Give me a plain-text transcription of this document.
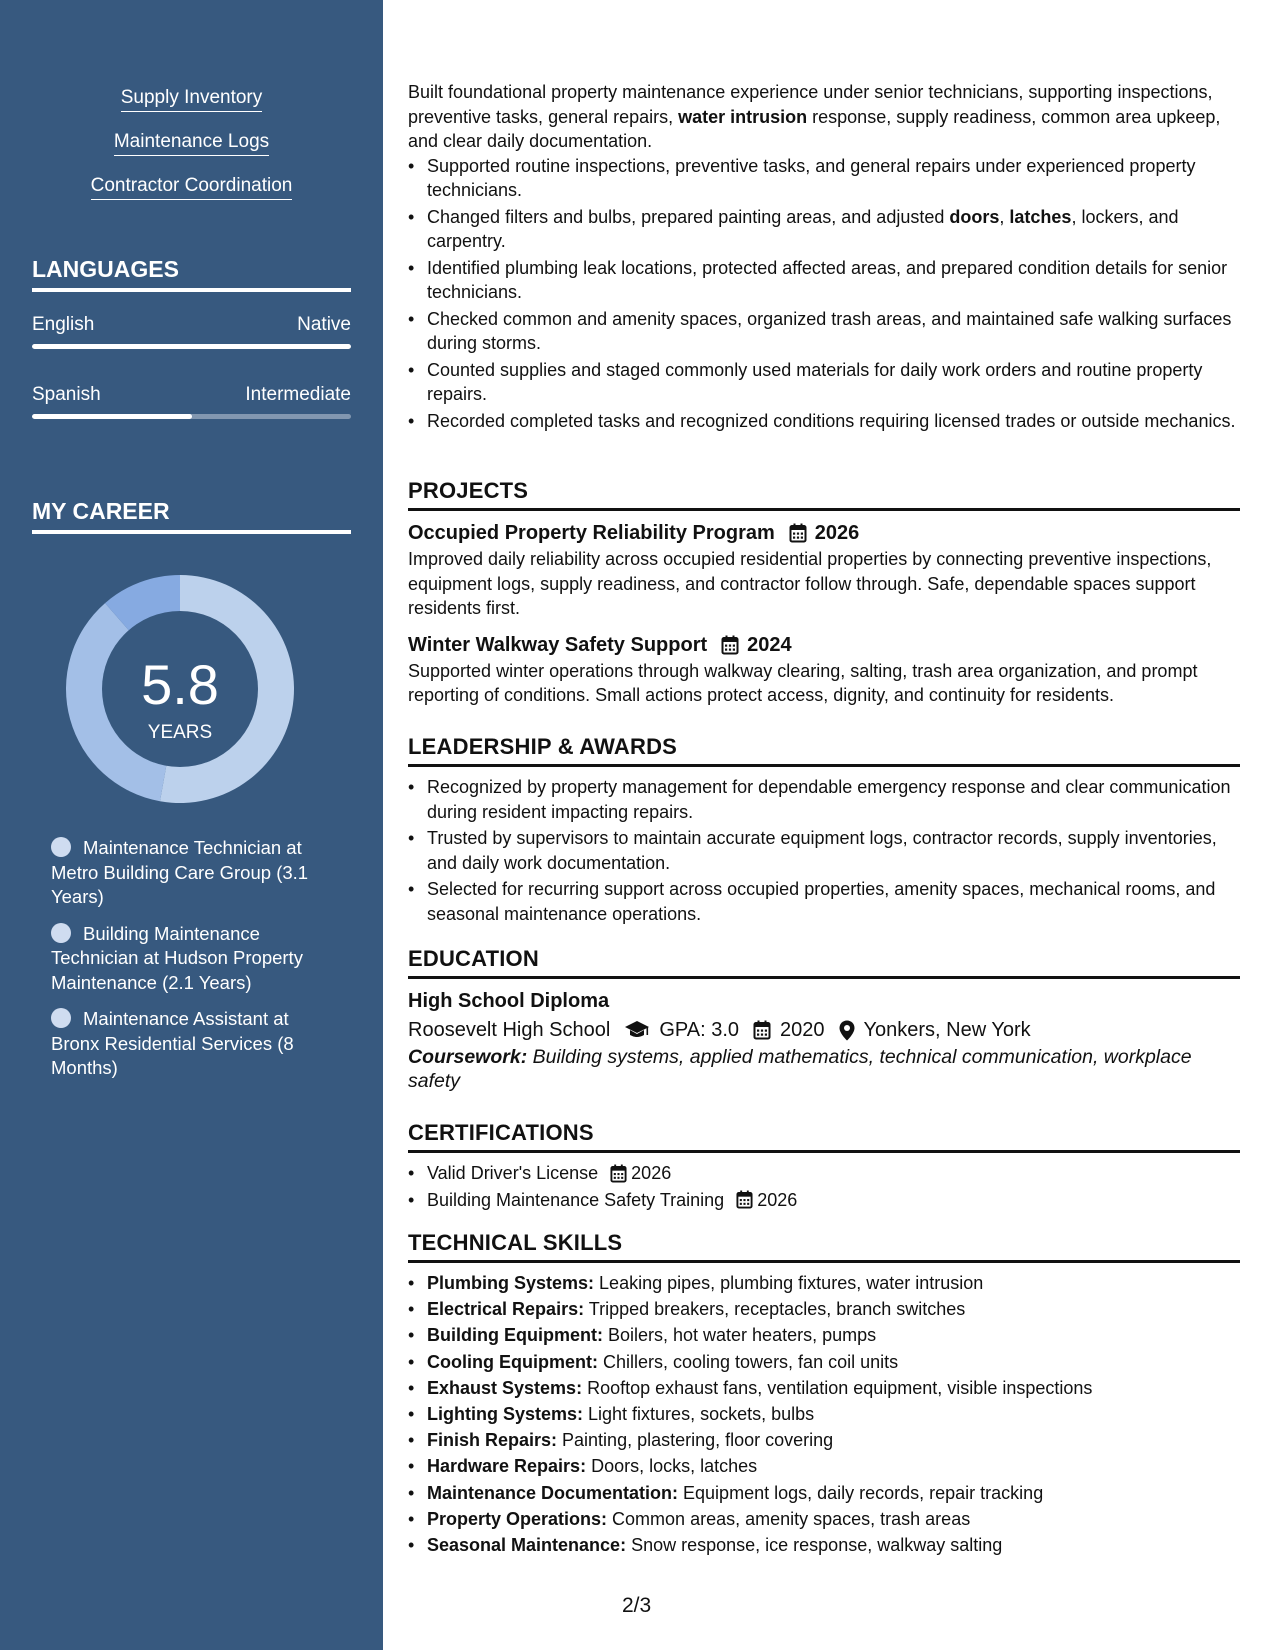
Supply Inventory
Maintenance Logs
Contractor Coordination
LANGUAGES
English	Native
Spanish	Intermediate
MY CAREER
5.8
YEARS
Maintenance Technician at Metro Building Care Group (3.1 Years)
Building Maintenance Technician at Hudson Property Maintenance (2.1 Years)
Maintenance Assistant at Bronx Residential Services (8 Months)

Built foundational property maintenance experience under senior technicians, supporting inspections, preventive tasks, general repairs, water intrusion response, supply readiness, common area upkeep, and clear daily documentation.

• Supported routine inspections, preventive tasks, and general repairs under experienced property technicians.
• Changed filters and bulbs, prepared painting areas, and adjusted doors, latches, lockers, and carpentry.
• Identified plumbing leak locations, protected affected areas, and prepared condition details for senior technicians.
• Checked common and amenity spaces, organized trash areas, and maintained safe walking surfaces during storms.
• Counted supplies and staged commonly used materials for daily work orders and routine property repairs.
• Recorded completed tasks and recognized conditions requiring licensed trades or outside mechanics.
PROJECTS
Occupied Property Reliability Program 2026

Improved daily reliability across occupied residential properties by connecting preventive inspections, equipment logs, supply readiness, and contractor follow through. Safe, dependable spaces support residents first.

Winter Walkway Safety Support 2024

Supported winter operations through walkway clearing, salting, trash area organization, and prompt reporting of conditions. Small actions protect access, dignity, and continuity for residents.

LEADERSHIP & AWARDS
• Recognized by property management for dependable emergency response and clear communication during resident impacting repairs.
• Trusted by supervisors to maintain accurate equipment logs, contractor records, supply inventories, and daily work documentation.
• Selected for recurring support across occupied properties, amenity spaces, mechanical rooms, and seasonal maintenance operations.
EDUCATION
High School Diploma
Roosevelt High School GPA: 3.0 2020 Yonkers, New York

Coursework: Building systems, applied mathematics, technical communication, workplace safety

CERTIFICATIONS
• Valid Driver's License 2026
• Building Maintenance Safety Training 2026
TECHNICAL SKILLS
• Plumbing Systems: Leaking pipes, plumbing fixtures, water intrusion
• Electrical Repairs: Tripped breakers, receptacles, branch switches
• Building Equipment: Boilers, hot water heaters, pumps
• Cooling Equipment: Chillers, cooling towers, fan coil units
• Exhaust Systems: Rooftop exhaust fans, ventilation equipment, visible inspections
• Lighting Systems: Light fixtures, sockets, bulbs
• Finish Repairs: Painting, plastering, floor covering
• Hardware Repairs: Doors, locks, latches
• Maintenance Documentation: Equipment logs, daily records, repair tracking
• Property Operations: Common areas, amenity spaces, trash areas
• Seasonal Maintenance: Snow response, ice response, walkway salting
2/3
